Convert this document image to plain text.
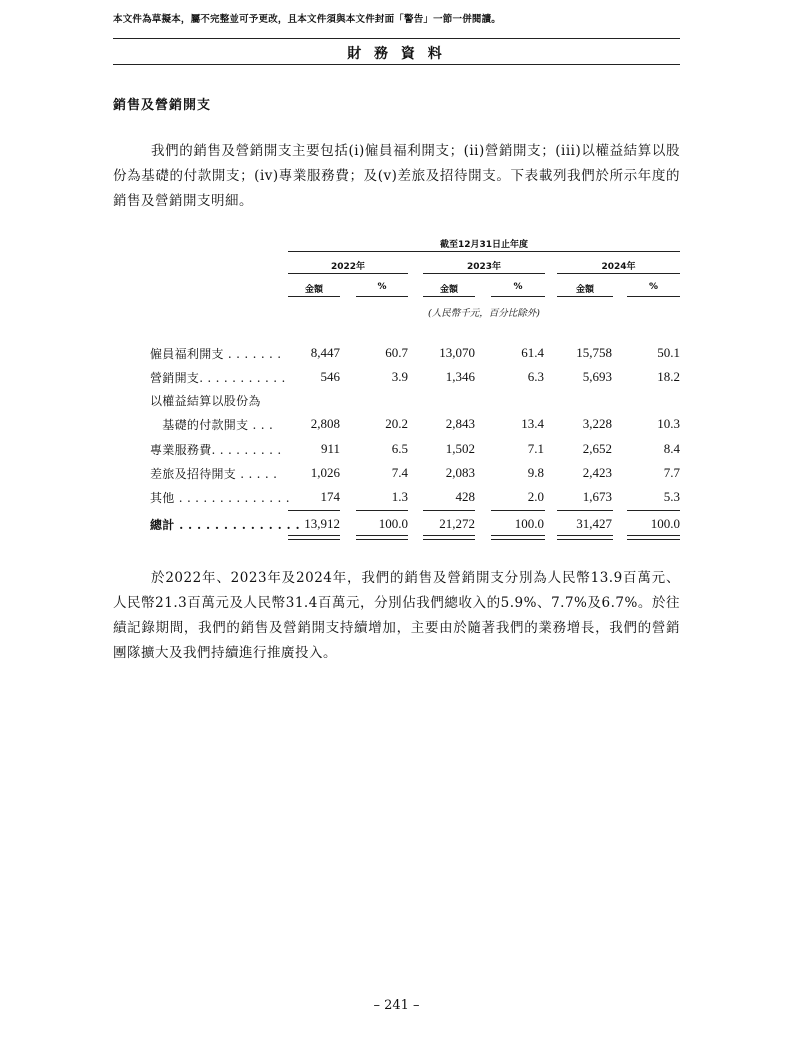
本文件為草擬本，屬不完整並可予更改，且本文件須與本文件封面「警告」一節一併閱讀。
財 務 資 料
銷售及營銷開支
我們的銷售及營銷開支主要包括(i)僱員福利開支；(ii)營銷開支；(iii)以權益結算以股份為基礎的付款開支；(iv)專業服務費；及(v)差旅及招待開支。下表載列我們於所示年度的銷售及營銷開支明細。
截至12月31日止年度
2022年	2023年	2024年
金額	%	金額	%	金額	%
(人民幣千元，百分比除外)
僱員福利開支 . . . . . . . 8,447	60.7 13,070	61.4 15,758	50.1
營銷開支. . . . . . . . . . .	546	3.9	1,346	6.3	5,693	18.2
以權益結算以股份為
　基礎的付款開支 . . .	2,808	20.2	2,843	13.4	3,228	10.3
專業服務費. . . . . . . . .	911	6.5	1,502	7.1	2,652	8.4
差旅及招待開支 . . . . .	1,026	7.4	2,083	9.8	2,423	7.7
其他 . . . . . . . . . . . . . . 174	1.3	428	2.0	1,673	5.3
總計 . . . . . . . . . . . . . . 13,912	100.0 21,272	100.0 31,427	100.0
於2022年、2023年及2024年，我們的銷售及營銷開支分別為人民幣13.9百萬元、人民幣21.3百萬元及人民幣31.4百萬元，分別佔我們總收入的5.9%、7.7%及6.7%。於往績記錄期間，我們的銷售及營銷開支持續增加，主要由於隨著我們的業務增長，我們的營銷團隊擴大及我們持續進行推廣投入。
– 241 –
